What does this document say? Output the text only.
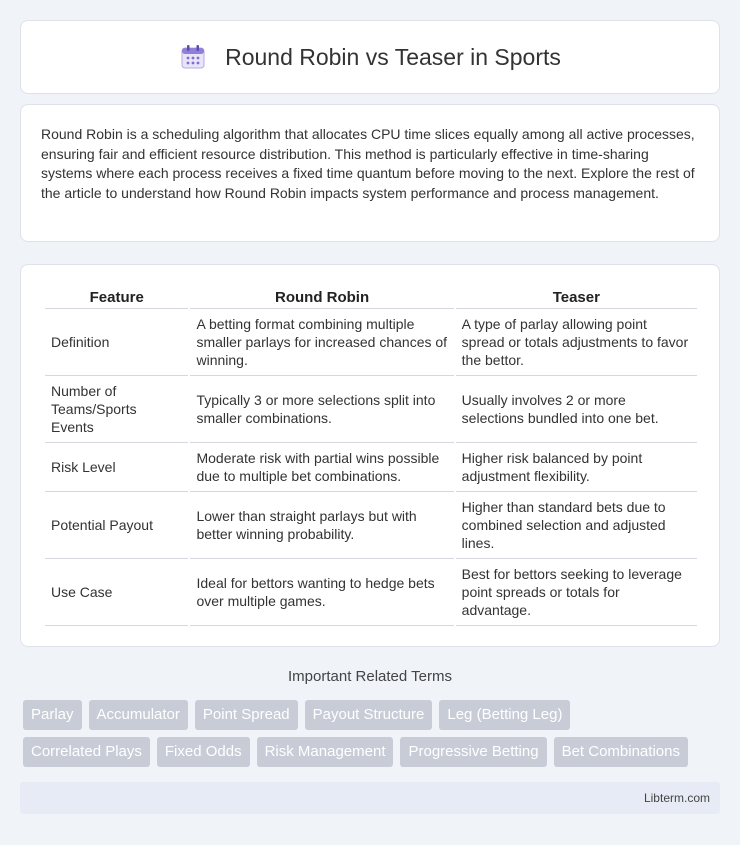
Round Robin vs Teaser in Sports

Round Robin is a scheduling algorithm that allocates CPU time slices equally among all active processes, ensuring fair and efficient resource distribution. This method is particularly effective in time-sharing systems where each process receives a fixed time quantum before moving to the next. Explore the rest of the article to understand how Round Robin impacts system performance and process management.

Feature	Round Robin	Teaser
Definition	A betting format combining multiple smaller parlays for increased chances of winning.	A type of parlay allowing point spread or totals adjustments to favor the bettor.
Number of Teams/Sports Events	Typically 3 or more selections split into smaller combinations.	Usually involves 2 or more selections bundled into one bet.
Risk Level	Moderate risk with partial wins possible due to multiple bet combinations.	Higher risk balanced by point adjustment flexibility.
Potential Payout	Lower than straight parlays but with better winning probability.	Higher than standard bets due to combined selection and adjusted lines.
Use Case	Ideal for bettors wanting to hedge bets over multiple games.	Best for bettors seeking to leverage point spreads or totals for advantage.
Important Related Terms
Parlay	Accumulator	Point Spread	Payout Structure	Leg (Betting Leg)
Correlated Plays	Fixed Odds	Risk Management	Progressive Betting	Bet Combinations
Libterm.com
